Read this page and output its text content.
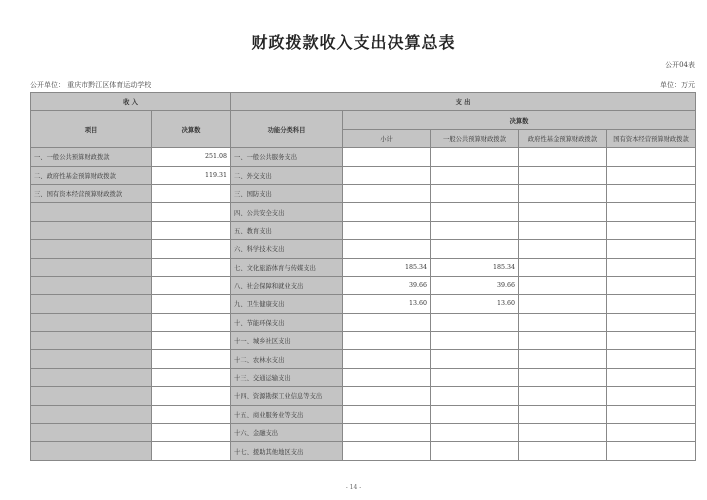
财政拨款收入支出决算总表
公开04表
公开单位： 重庆市黔江区体育运动学校	单位：万元
收 入		支 出				
项目	决算数	功能分类科目	决算数			
			小计	一般公共预算财政拨款	政府性基金预算财政拨款	国有资本经营预算财政拨款
一、一般公共预算财政拨款	251.08	一、一般公共服务支出				
二、政府性基金预算财政拨款	119.31	二、外交支出				
三、国有资本经营预算财政拨款		三、国防支出				
		四、公共安全支出				
		五、教育支出				
		六、科学技术支出				
		七、文化旅游体育与传媒支出	185.34	185.34		
		八、社会保障和就业支出	39.66	39.66		
		九、卫生健康支出	13.60	13.60		
		十、节能环保支出				
		十一、城乡社区支出				
		十二、农林水支出				
		十三、交通运输支出				
		十四、资源勘探工业信息等支出				
		十五、商业服务业等支出				
		十六、金融支出				
		十七、援助其他地区支出				
- 14 -
